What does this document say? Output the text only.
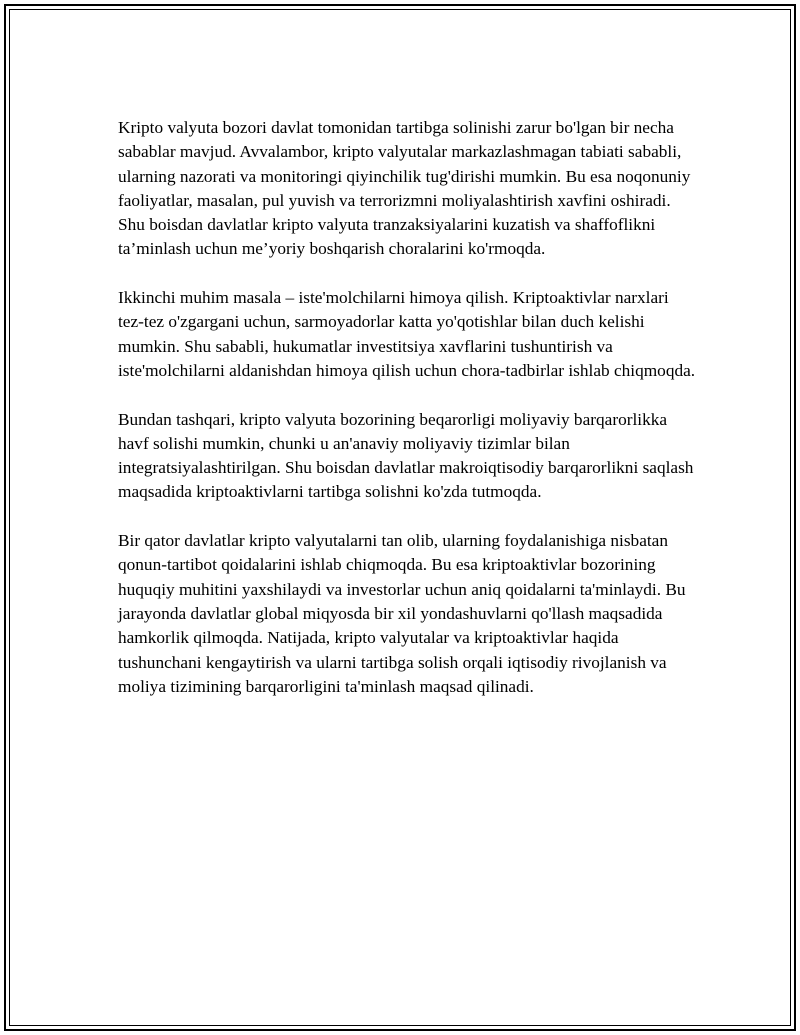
Kripto valyuta bozori davlat tomonidan tartibga solinishi zarur bo'lgan bir necha sabablar mavjud. Avvalambor, kripto valyutalar markazlashmagan tabiati sababli, ularning nazorati va monitoringi qiyinchilik tug'dirishi mumkin. Bu esa noqonuniy faoliyatlar, masalan, pul yuvish va terrorizmni moliyalashtirish xavfini oshiradi. Shu boisdan davlatlar kripto valyuta tranzaksiyalarini kuzatish va shaffoflikni ta’minlash uchun me’yoriy boshqarish choralarini ko'rmoqda.

Ikkinchi muhim masala – iste'molchilarni himoya qilish. Kriptoaktivlar narxlari tez-tez o'zgargani uchun, sarmoyadorlar katta yo'qotishlar bilan duch kelishi mumkin. Shu sababli, hukumatlar investitsiya xavflarini tushuntirish va iste'molchilarni aldanishdan himoya qilish uchun chora-tadbirlar ishlab chiqmoqda.

Bundan tashqari, kripto valyuta bozorining beqarorligi moliyaviy barqarorlikka havf solishi mumkin, chunki u an'anaviy moliyaviy tizimlar bilan integratsiyalashtirilgan. Shu boisdan davlatlar makroiqtisodiy barqarorlikni saqlash maqsadida kriptoaktivlarni tartibga solishni ko'zda tutmoqda.

Bir qator davlatlar kripto valyutalarni tan olib, ularning foydalanishiga nisbatan qonun-tartibot qoidalarini ishlab chiqmoqda. Bu esa kriptoaktivlar bozorining huquqiy muhitini yaxshilaydi va investorlar uchun aniq qoidalarni ta'minlaydi. Bu jarayonda davlatlar global miqyosda bir xil yondashuvlarni qo'llash maqsadida hamkorlik qilmoqda. Natijada, kripto valyutalar va kriptoaktivlar haqida tushunchani kengaytirish va ularni tartibga solish orqali iqtisodiy rivojlanish va moliya tizimining barqarorligini ta'minlash maqsad qilinadi.
